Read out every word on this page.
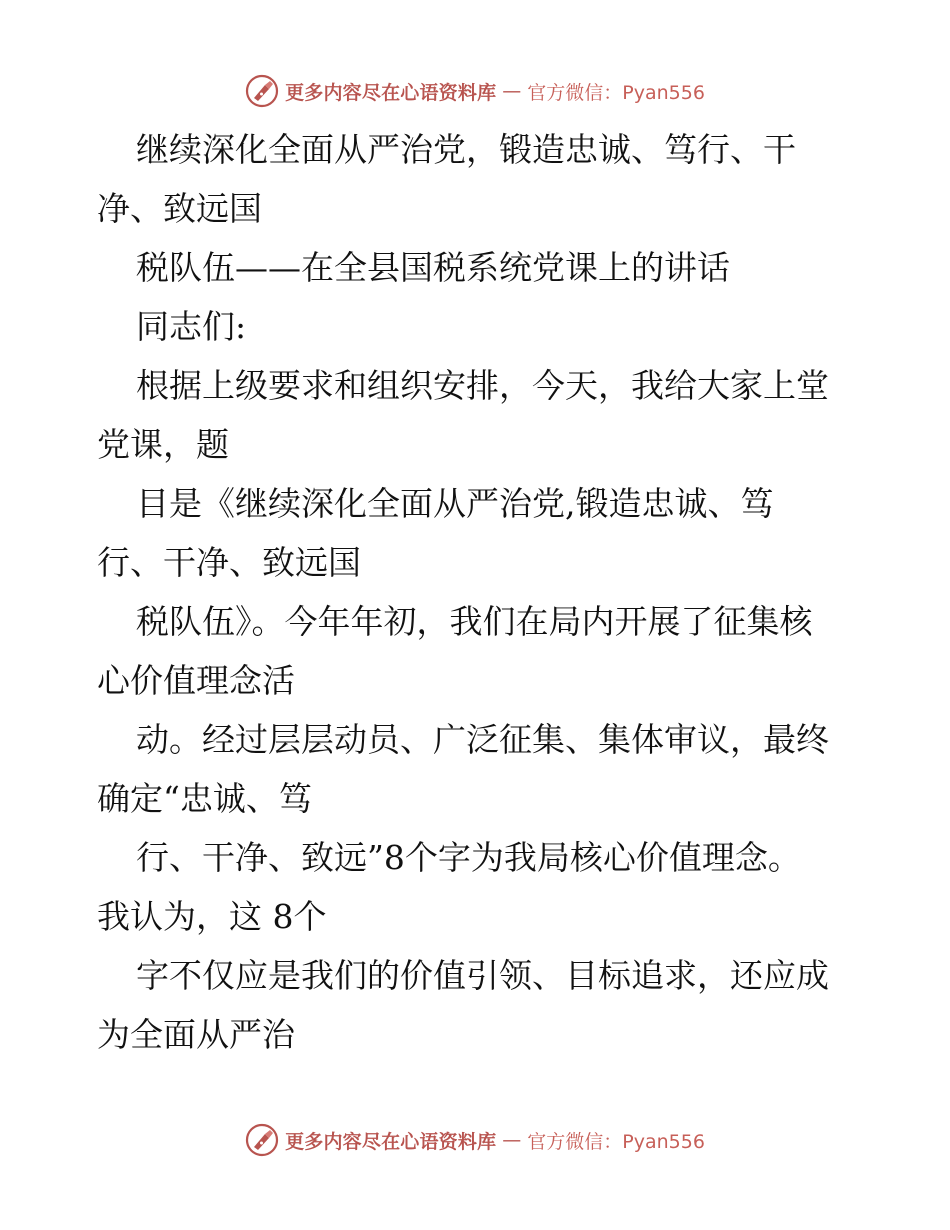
更多内容尽在心语资料库 — 官方微信：Pyan556
继续深化全面从严治党，锻造忠诚、笃行、干
净、致远国
税队伍——在全县国税系统党课上的讲话
同志们:
根据上级要求和组织安排，今天，我给大家上堂
党课，题
目是《继续深化全面从严治党,锻造忠诚、笃
行、干净、致远国
税队伍》。今年年初，我们在局内开展了征集核
心价值理念活
动。经过层层动员、广泛征集、集体审议，最终
确定“忠诚、笃
行、干净、致远”8个字为我局核心价值理念。
我认为，这 8个
字不仅应是我们的价值引领、目标追求，还应成
为全面从严治
更多内容尽在心语资料库 — 官方微信：Pyan556
